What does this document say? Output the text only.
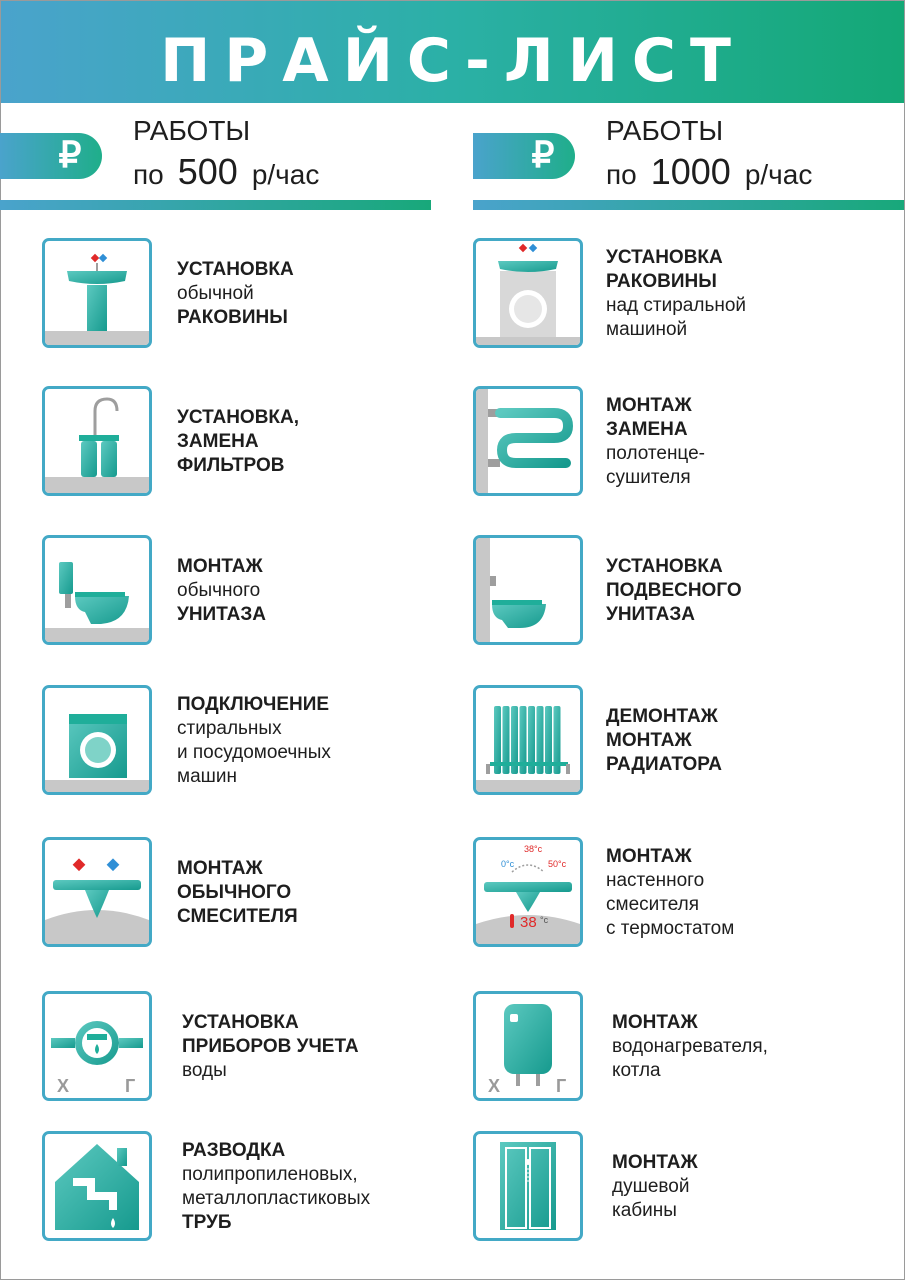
ПРАЙС-ЛИСТ
₽
РАБОТЫ
по 500 р/час	₽
РАБОТЫ
по 1000 р/час
УСТАНОВКА
обычной
РАКОВИНЫ
УСТАНОВКА,
ЗАМЕНА
ФИЛЬТРОВ
МОНТАЖ
обычного
УНИТАЗА
ПОДКЛЮЧЕНИЕ
стиральных
и посудомоечных
машин
МОНТАЖ
ОБЫЧНОГО
СМЕСИТЕЛЯ
Х	Г
УСТАНОВКА
ПРИБОРОВ УЧЕТА
воды
РАЗВОДКА
полипропиленовых,
металлопластиковых
ТРУБ
УСТАНОВКА
РАКОВИНЫ
над стиральной
машиной
МОНТАЖ
ЗАМЕНА
полотенце-
сушителя
УСТАНОВКА
ПОДВЕСНОГО
УНИТАЗА
ДЕМОНТАЖ
МОНТАЖ
РАДИАТОРА
0°c
38°c
50°c
38 °c
МОНТАЖ
настенного
смесителя
с термостатом
Х	Г
МОНТАЖ
водонагревателя,
котла
МОНТАЖ
душевой
кабины
